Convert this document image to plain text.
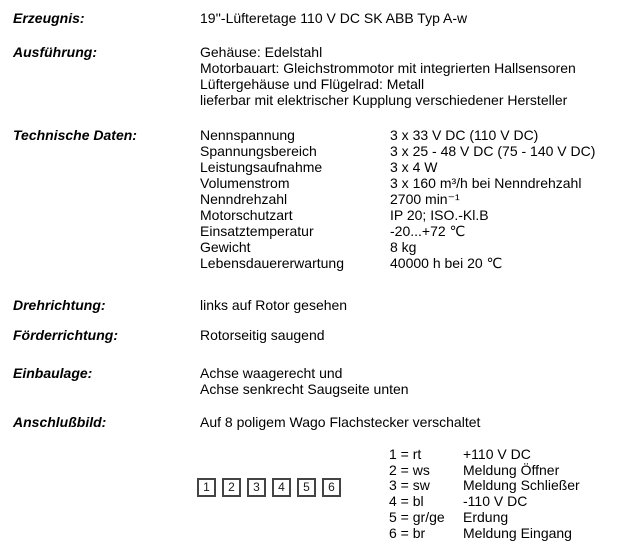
Erzeugnis:	19''-Lüfteretage 110 V DC SK ABB Typ A-w
Ausführung:	Gehäuse: Edelstahl
Motorbauart: Gleichstrommotor mit integrierten Hallsensoren
Lüftergehäuse und Flügelrad: Metall
lieferbar mit elektrischer Kupplung verschiedener Hersteller
Technische Daten:	Nennspannung	3 x 33 V DC (110 V DC)
Spannungsbereich	3 x 25 - 48 V DC (75 - 140 V DC)
Leistungsaufnahme	3 x 4 W
Volumenstrom	3 x 160 m³/h bei Nenndrehzahl
Nenndrehzahl	2700 min⁻¹
Motorschutzart	IP 20; ISO.-Kl.B
Einsatztemperatur	-20...+72 ℃
Gewicht	8 kg
Lebensdauererwartung	40000 h bei 20 ℃
Drehrichtung:	links auf Rotor gesehen
Förderrichtung:	Rotorseitig saugend
Einbaulage:	Achse waagerecht und
Achse senkrecht Saugseite unten
Anschlußbild:	Auf 8 poligem Wago Flachstecker verschaltet
1	2	3	4	5	6
1 = rt	+110 V DC
2 = ws	Meldung Öffner
3 = sw	Meldung Schließer
4 = bl	-110 V DC
5 = gr/ge	Erdung
6 = br	Meldung Eingang
